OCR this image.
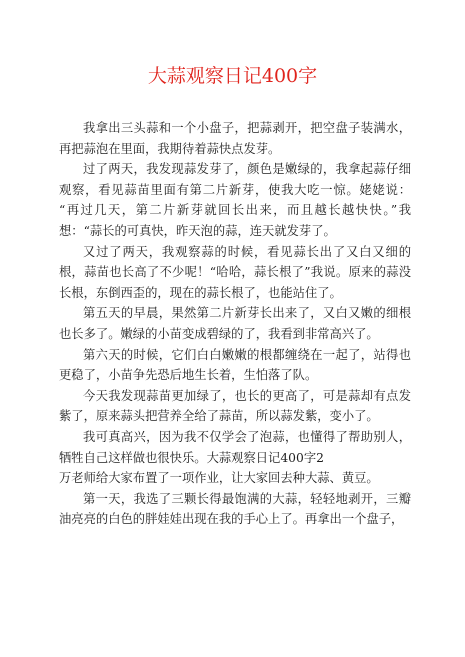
大蒜观察日记400字
我拿出三头蒜和一个小盘子，把蒜剥开，把空盘子装满水，
再把蒜泡在里面，我期待着蒜快点发芽。
过了两天，我发现蒜发芽了，颜色是嫩绿的，我拿起蒜仔细
观察，看见蒜苗里面有第二片新芽，使我大吃一惊。姥姥说：
“再过几天，第二片新芽就回长出来，而且越长越快快。”我
想：“蒜长的可真快，昨天泡的蒜，连天就发芽了。
又过了两天，我观察蒜的时候，看见蒜长出了又白又细的
根，蒜苗也长高了不少呢！“哈哈，蒜长根了”我说。原来的蒜没
长根，东倒西歪的，现在的蒜长根了，也能站住了。
第五天的早晨，果然第二片新芽长出来了，又白又嫩的细根
也长多了。嫩绿的小苗变成碧绿的了，我看到非常高兴了。
第六天的时候，它们白白嫩嫩的根都缠绕在一起了，站得也
更稳了，小苗争先恐后地生长着，生怕落了队。
今天我发现蒜苗更加绿了，也长的更高了，可是蒜却有点发
紫了，原来蒜头把营养全给了蒜苗，所以蒜发紫，变小了。
我可真高兴，因为我不仅学会了泡蒜，也懂得了帮助别人，
牺牲自己这样做也很快乐。大蒜观察日记400字2
万老师给大家布置了一项作业，让大家回去种大蒜、黄豆。
第一天，我选了三颗长得最饱满的大蒜，轻轻地剥开，三瓣
油亮亮的白色的胖娃娃出现在我的手心上了。再拿出一个盘子，
